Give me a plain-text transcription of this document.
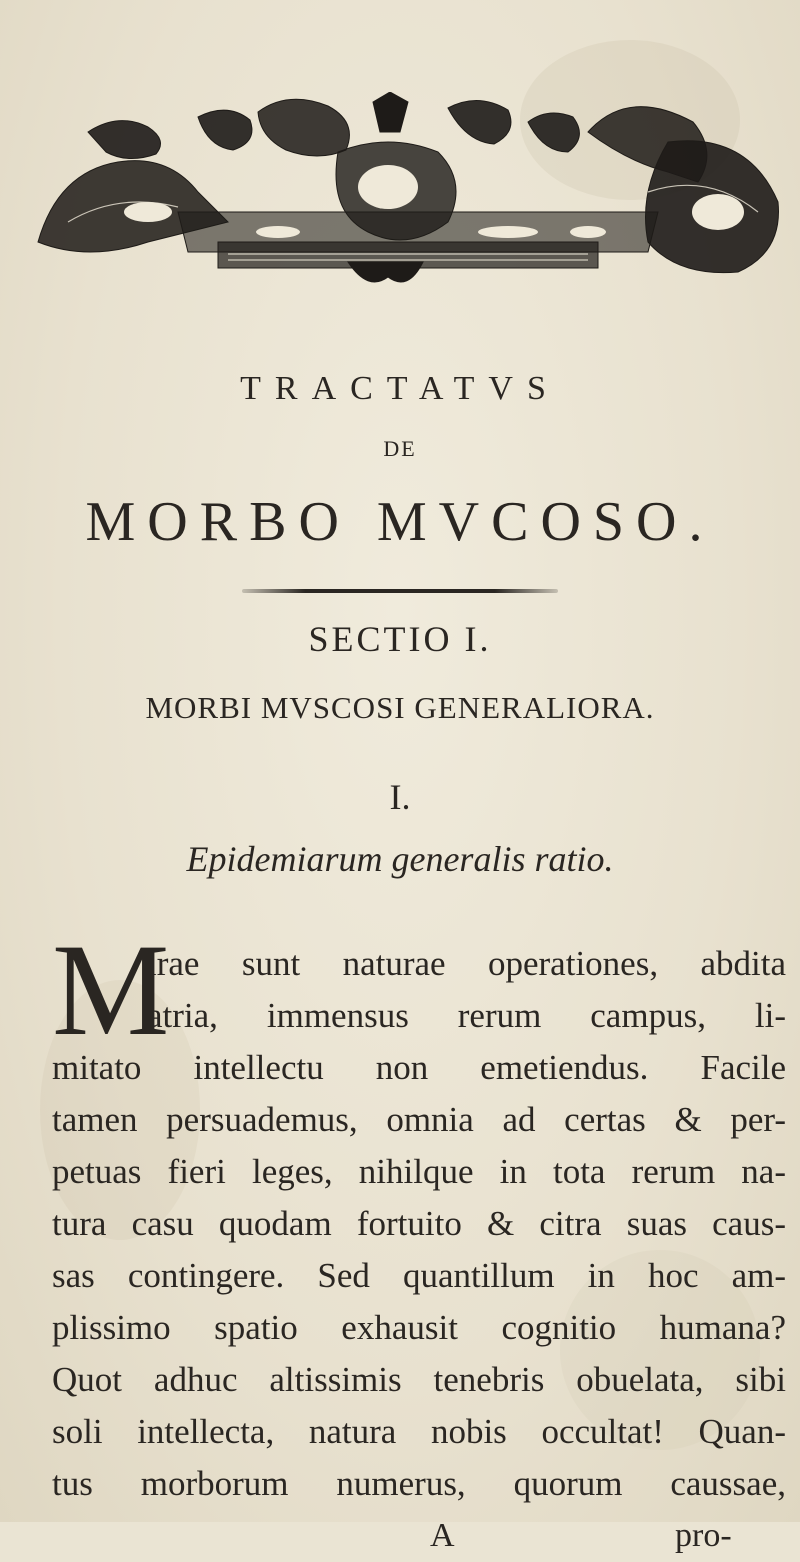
TRACTATVS
DE
MORBO MVCOSO.
SECTIO I.
MORBI MVSCOSI GENERALIORA.
I.
Epidemiarum generalis ratio.
M
irae sunt naturae operationes, abdita
atria, immensus rerum campus, li-
mitato intellectu non emetiendus. Facile
tamen persuademus, omnia ad certas & per-
petuas fieri leges, nihilque in tota rerum na-
tura casu quodam fortuito & citra suas caus-
sas contingere. Sed quantillum in hoc am-
plissimo spatio exhausit cognitio humana?
Quot adhuc altissimis tenebris obuelata, sibi
soli intellecta, natura nobis occultat! Quan-
tus morborum numerus, quorum caussae,
A	pro-
